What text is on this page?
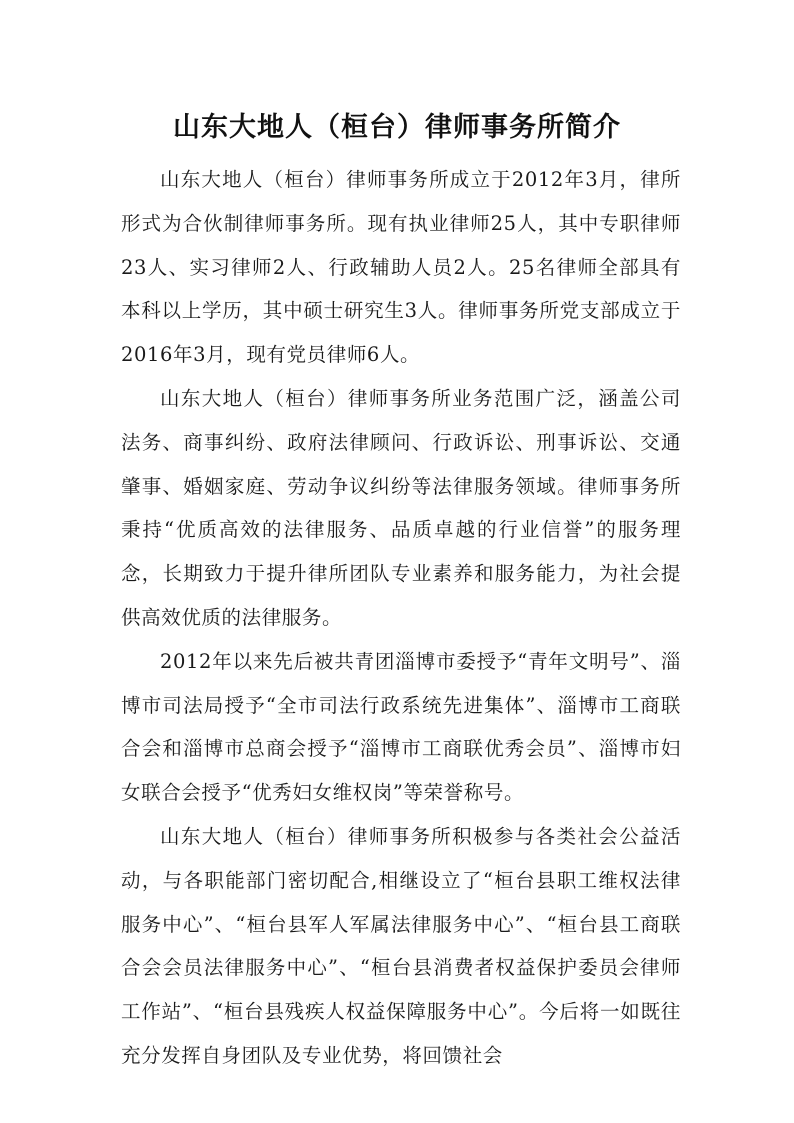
山东大地人（桓台）律师事务所简介

山东大地人（桓台）律师事务所成立于2012年3月，律所形式为合伙制律师事务所。现有执业律师25人，其中专职律师23人、实习律师2人、行政辅助人员2人。25名律师全部具有本科以上学历，其中硕士研究生3人。律师事务所党支部成立于2016年3月，现有党员律师6人。

山东大地人（桓台）律师事务所业务范围广泛，涵盖公司法务、商事纠纷、政府法律顾问、行政诉讼、刑事诉讼、交通肇事、婚姻家庭、劳动争议纠纷等法律服务领域。律师事务所秉持“优质高效的法律服务、品质卓越的行业信誉”的服务理念，长期致力于提升律所团队专业素养和服务能力，为社会提供高效优质的法律服务。

2012年以来先后被共青团淄博市委授予“青年文明号”、淄博市司法局授予“全市司法行政系统先进集体”、淄博市工商联合会和淄博市总商会授予“淄博市工商联优秀会员”、淄博市妇女联合会授予“优秀妇女维权岗”等荣誉称号。

山东大地人（桓台）律师事务所积极参与各类社会公益活动，与各职能部门密切配合,相继设立了“桓台县职工维权法律服务中心”、“桓台县军人军属法律服务中心”、“桓台县工商联合会会员法律服务中心”、“桓台县消费者权益保护委员会律师工作站”、“桓台县残疾人权益保障服务中心”。今后将一如既往充分发挥自身团队及专业优势，将回馈社会
